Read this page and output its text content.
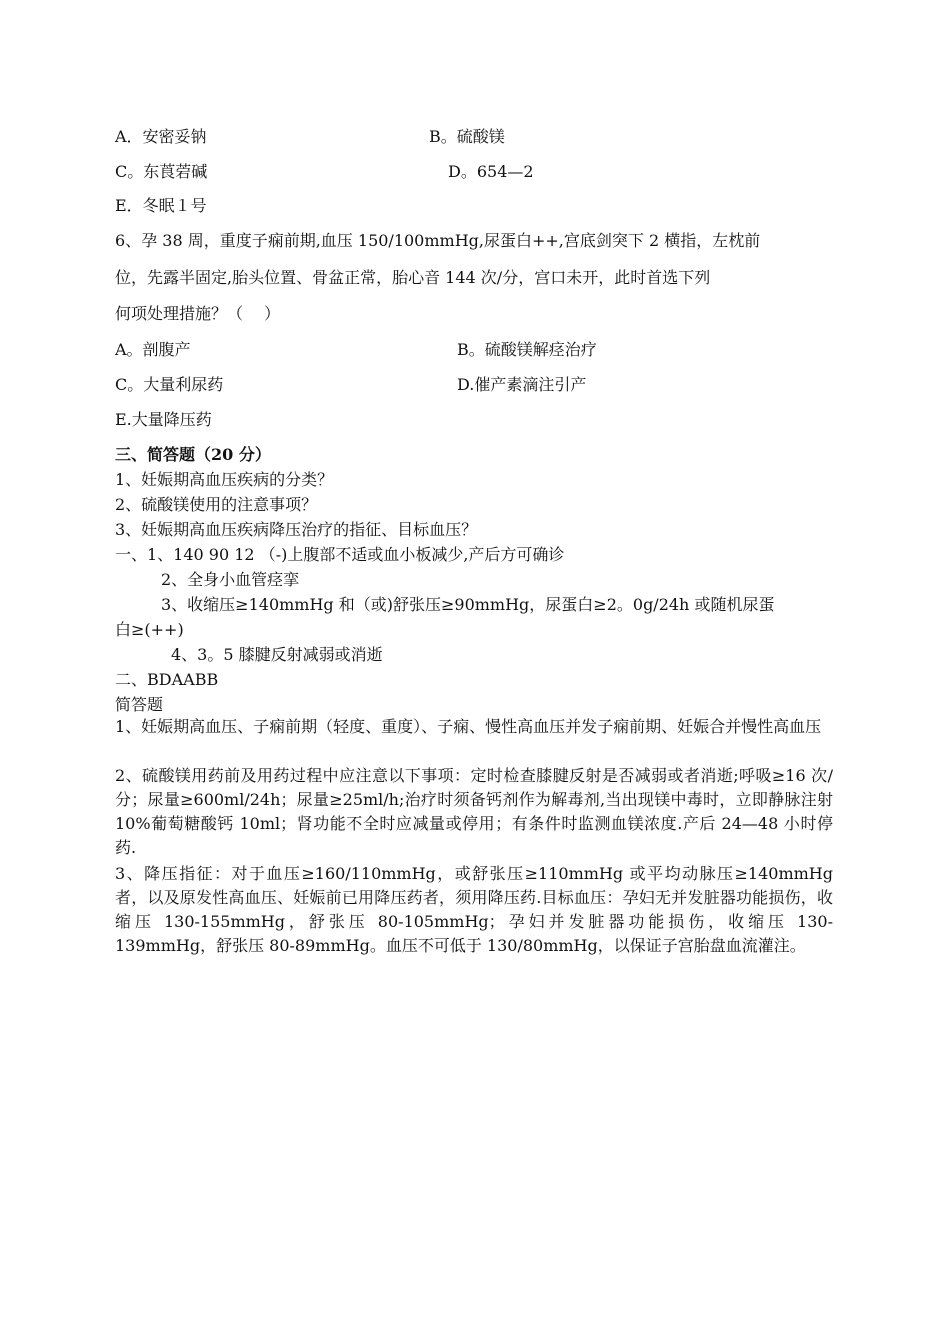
A．安密妥钠	B。硫酸镁
C。东莨菪碱	D。654—2
E．冬眠１号
6、孕 38 周，重度子痫前期,血压 150/100mmHg,尿蛋白++,宫底剑突下 2 横指，左枕前
位，先露半固定,胎头位置、骨盆正常，胎心音 144 次/分，宫口未开，此时首选下列
何项处理措施？（　 ）
A。剖腹产	B。硫酸镁解痉治疗
C。大量利尿药	D.催产素滴注引产
E.大量降压药
三、简答题（20 分）
1、妊娠期高血压疾病的分类？
2、硫酸镁使用的注意事项？
3、妊娠期高血压疾病降压治疗的指征、目标血压？
一、1、140 90 12 （-)上腹部不适或血小板减少,产后方可确诊
2、全身小血管痉挛
3、收缩压≥140mmHg 和（或)舒张压≥90mmHg，尿蛋白≥2。0g/24h 或随机尿蛋
白≥(++)
4、3。5 膝腱反射减弱或消逝
二、BDAABB
简答题
1、妊娠期高血压、子痫前期（轻度、重度）、子痫、慢性高血压并发子痫前期、妊娠合并慢性高血压
2、硫酸镁用药前及用药过程中应注意以下事项：定时检查膝腱反射是否减弱或者消逝;呼吸≥16 次/分；尿量≥600ml/24h；尿量≥25ml/h;治疗时须备钙剂作为解毒剂,当出现镁中毒时，立即静脉注射 10%葡萄糖酸钙 10ml；肾功能不全时应减量或停用；有条件时监测血镁浓度.产后 24—48 小时停药.
3、降压指征：对于血压≥160/110mmHg，或舒张压≥110mmHg 或平均动脉压≥140mmHg 者，以及原发性高血压、妊娠前已用降压药者，须用降压药.目标血压：孕妇无并发脏器功能损伤，收缩压 130-155mmHg，舒张压 80-105mmHg；孕妇并发脏器功能损伤，收缩压 130-139mmHg，舒张压 80-89mmHg。血压不可低于 130/80mmHg，以保证子宫胎盘血流灌注。
